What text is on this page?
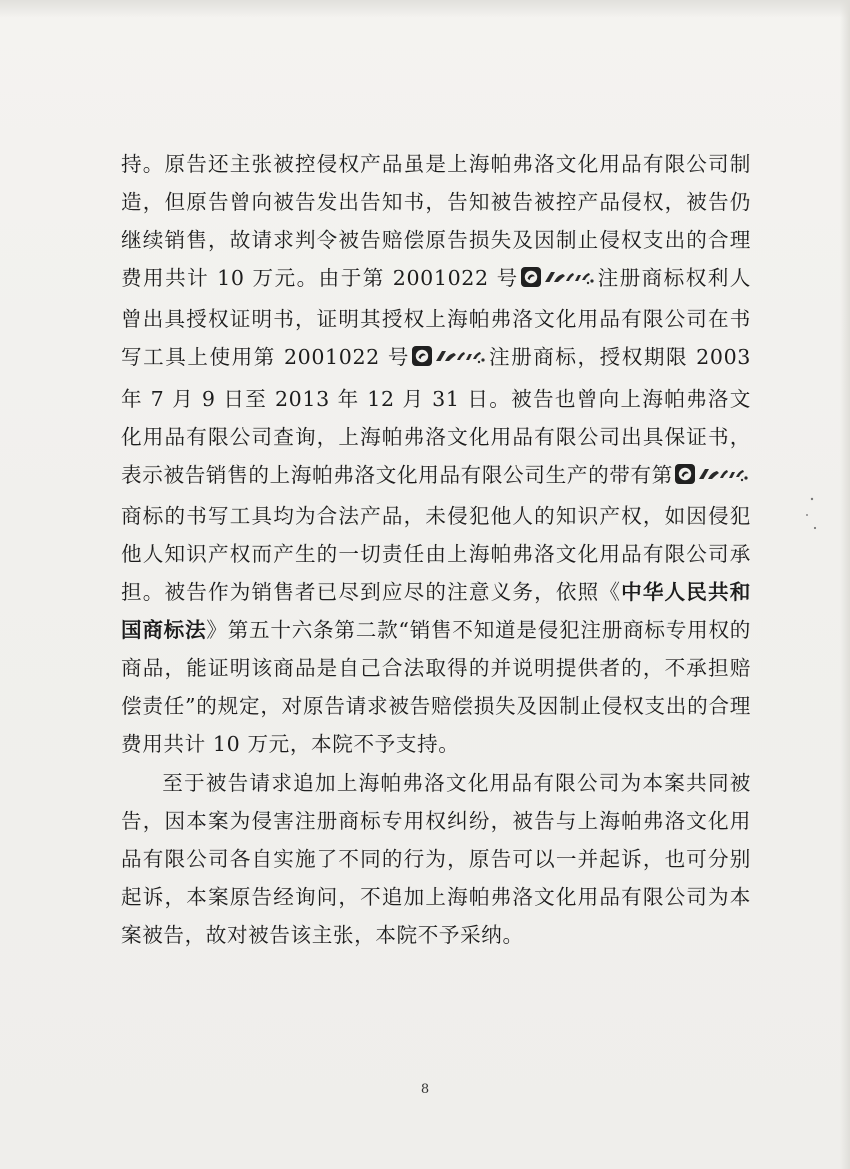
持。原告还主张被控侵权产品虽是上海帕弗洛文化用品有限公司制造，但原告曾向被告发出告知书，告知被告被控产品侵权，被告仍继续销售，故请求判令被告赔偿原告损失及因制止侵权支出的合理费用共计 10 万元。由于第 2001022 号	注册商标权利人曾出具授权证明书，证明其授权上海帕弗洛文化用品有限公司在书写工具上使用第 2001022 号	注册商标，授权期限 2003 年 7 月 9 日至 2013 年 12 月 31 日。被告也曾向上海帕弗洛文化用品有限公司查询，上海帕弗洛文化用品有限公司出具保证书，表示被告销售的上海帕弗洛文化用品有限公司生产的带有第商标的书写工具均为合法产品，未侵犯他人的知识产权，如因侵犯他人知识产权而产生的一切责任由上海帕弗洛文化用品有限公司承担。被告作为销售者已尽到应尽的注意义务，依照《中华人民共和国商标法》第五十六条第二款“销售不知道是侵犯注册商标专用权的商品，能证明该商品是自己合法取得的并说明提供者的，不承担赔偿责任”的规定，对原告请求被告赔偿损失及因制止侵权支出的合理费用共计 10 万元，本院不予支持。

至于被告请求追加上海帕弗洛文化用品有限公司为本案共同被告，因本案为侵害注册商标专用权纠纷，被告与上海帕弗洛文化用品有限公司各自实施了不同的行为，原告可以一并起诉，也可分别起诉，本案原告经询问，不追加上海帕弗洛文化用品有限公司为本案被告，故对被告该主张，本院不予采纳。

8
